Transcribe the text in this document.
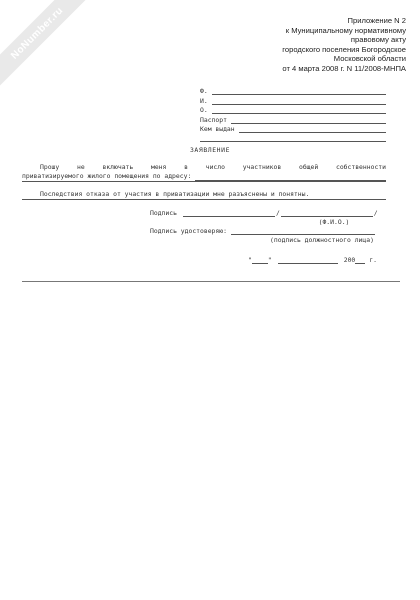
NoNumber.ru	Приложение N 2
к Муниципальному нормативному
правовому акту
городского поселения Богородское
Московской области
от 4 марта 2008 г. N 11/2008-МНПА
Ф.
И.
О.
Паспорт
Кем выдан
ЗАЯВЛЕНИЕ
Прошу	не	включать	меня	в	число	участников	общей	собственности
приватизируемого жилого помещения по адресу:
Последствия отказа от участия в приватизации мне разъяснены и понятны.
Подпись	/	/
(Ф.И.О.)
Подпись удостоверяю:
(подпись должностного лица)
"	"	200	г.
